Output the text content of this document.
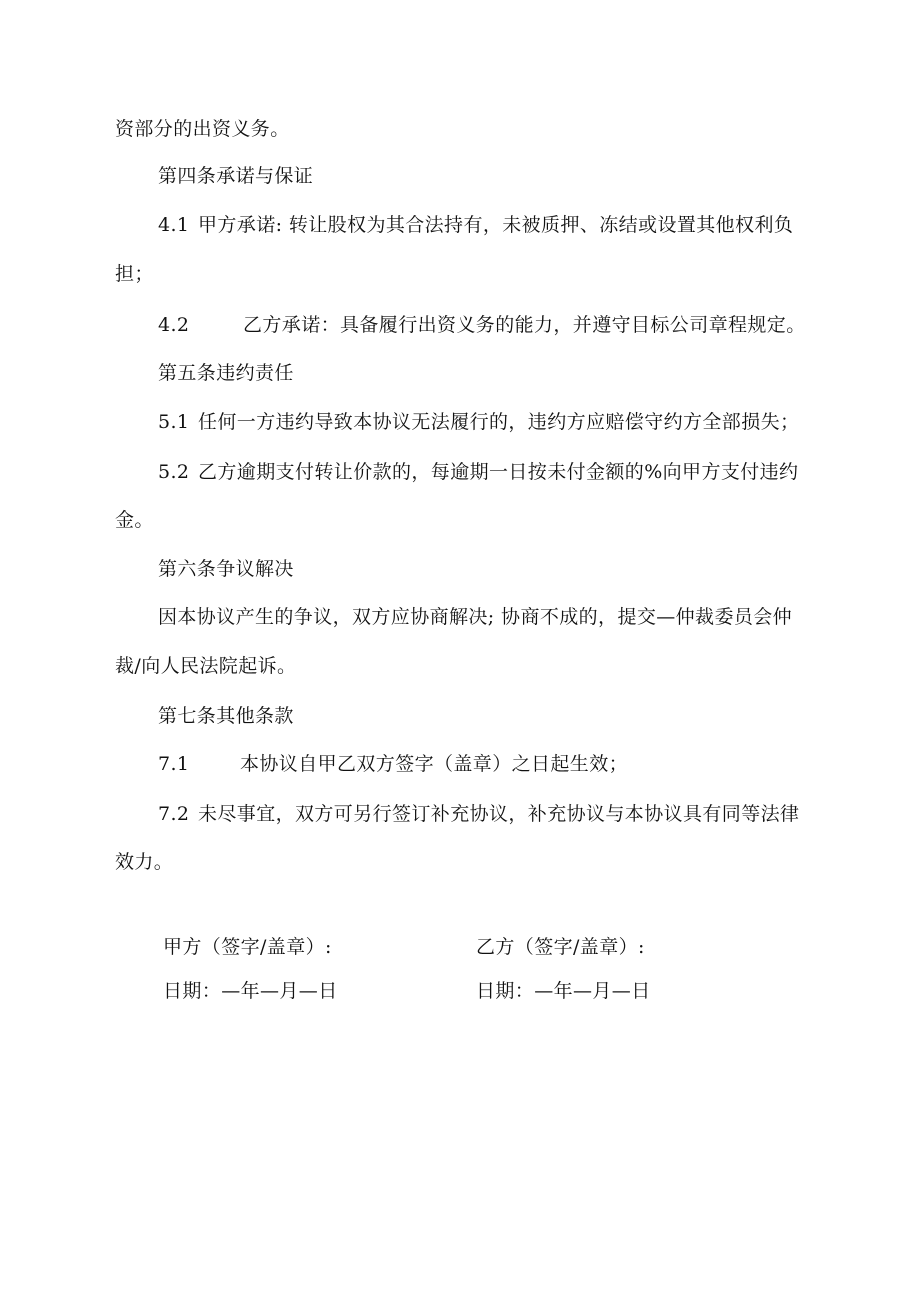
资部分的出资义务。
第四条承诺与保证
4.1 甲方承诺: 转让股权为其合法持有，未被质押、冻结或设置其他权利负
担；
4.2	乙方承诺：具备履行出资义务的能力，并遵守目标公司章程规定。
第五条违约责任
5.1 任何一方违约导致本协议无法履行的，违约方应赔偿守约方全部损失；
5.2 乙方逾期支付转让价款的，每逾期一日按未付金额的%向甲方支付违约
金。
第六条争议解决
因本协议产生的争议，双方应协商解决; 协商不成的，提交—仲裁委员会仲
裁/向人民法院起诉。
第七条其他条款
7.1	本协议自甲乙双方签字（盖章）之日起生效；
7.2 未尽事宜，双方可另行签订补充协议，补充协议与本协议具有同等法律
效力。
甲方（签字/盖章）:	乙方（签字/盖章）:
日期：—年—月—日	日期：—年—月—日
